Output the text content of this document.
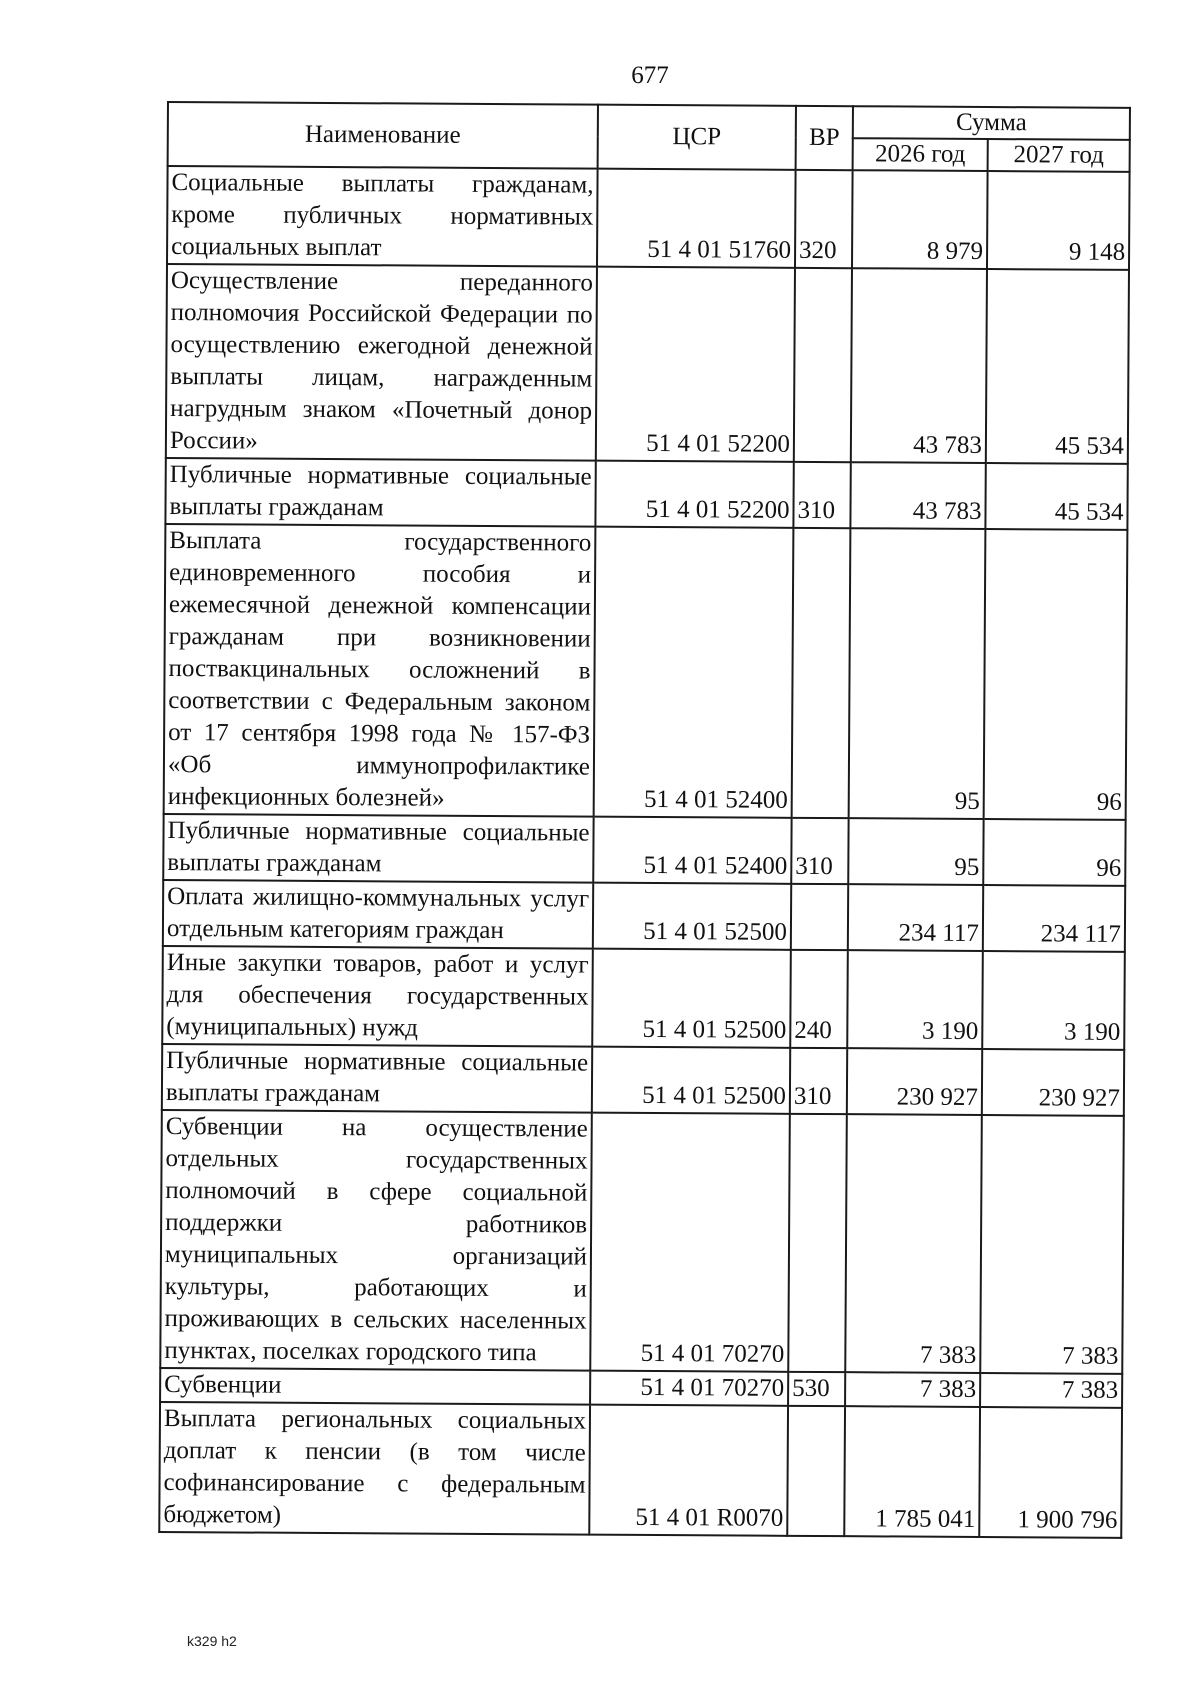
677
Наименование	ЦСР	ВР	Сумма	
			2026 год	2027 год
Социальные выплаты гражданам, кроме публичных нормативных социальных выплат	51 4 01 51760	320	8 979	9 148
Осуществление переданного полномочия Российской Федерации по осуществлению ежегодной денежной выплаты лицам, награжденным нагрудным знаком «Почетный донор России»	51 4 01 52200		43 783	45 534
Публичные нормативные социальные выплаты гражданам	51 4 01 52200	310	43 783	45 534
Выплата государственного единовременного пособия и ежемесячной денежной компенсации гражданам при возникновении поствакцинальных осложнений в соответствии с Федеральным законом от 17 сентября 1998 года № 157-ФЗ «Об иммунопрофилактике инфекционных болезней»	51 4 01 52400		95	96
Публичные нормативные социальные выплаты гражданам	51 4 01 52400	310	95	96
Оплата жилищно-коммунальных услуг отдельным категориям граждан	51 4 01 52500		234 117	234 117
Иные закупки товаров, работ и услуг для обеспечения государственных (муниципальных) нужд	51 4 01 52500	240	3 190	3 190
Публичные нормативные социальные выплаты гражданам	51 4 01 52500	310	230 927	230 927
Субвенции на осуществление отдельных государственных полномочий в сфере социальной поддержки работников муниципальных организаций культуры, работающих и проживающих в сельских населенных пунктах, поселках городского типа	51 4 01 70270		7 383	7 383
Субвенции	51 4 01 70270	530	7 383	7 383
Выплата региональных социальных доплат к пенсии (в том числе софинансирование с федеральным бюджетом)	51 4 01 R0070		1 785 041	1 900 796
k329 h2
